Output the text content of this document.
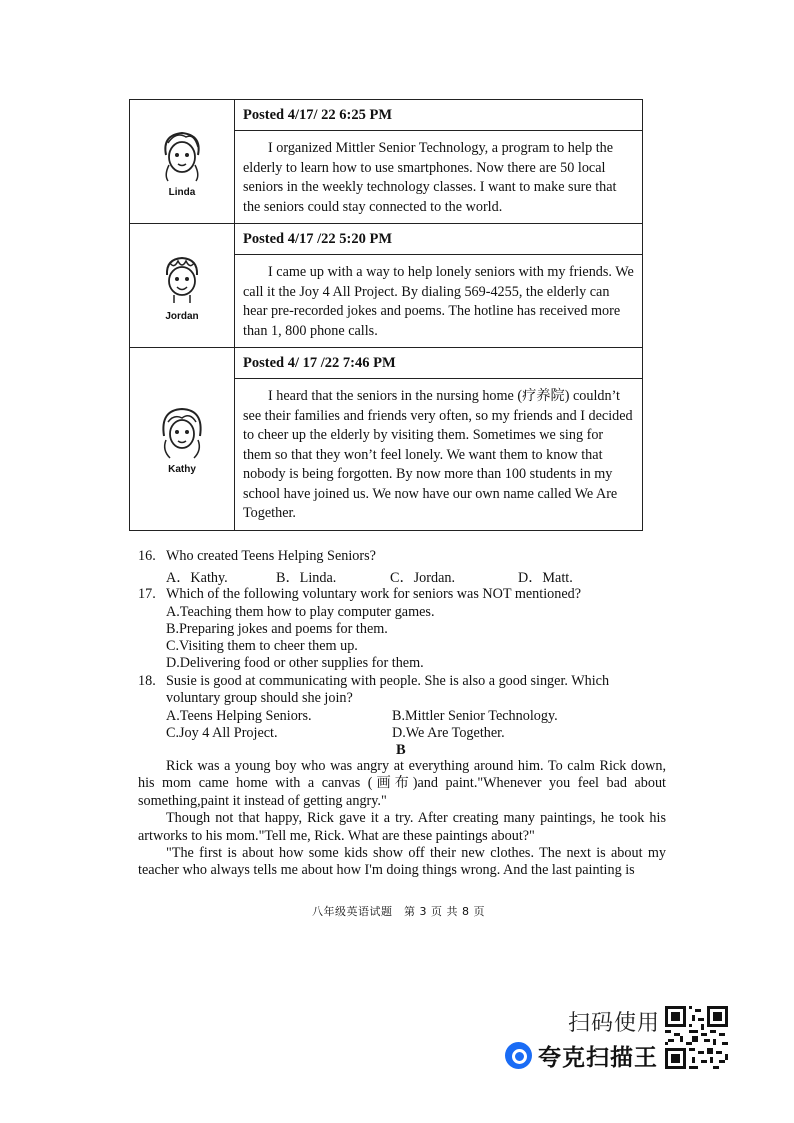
Linda	Posted 4/17/ 22 6:25 PM

	I organized Mittler Senior Technology, a program to help the elderly to learn how to use smartphones. Now there are 50 local seniors in the weekly technology classes. I want to make sure that the seniors could stay connected to the world.

Jordan	Posted 4/17 /22 5:20 PM

	I came up with a way to help lonely seniors with my friends. We call it the Joy 4 All Project. By dialing 569-4255, the elderly can hear pre-recorded jokes and poems. The hotline has received more than 1, 800 phone calls.

Kathy	Posted 4/ 17 /22 7:46 PM

	I heard that the seniors in the nursing home (疗养院) couldn’t see their families and friends very often, so my friends and I decided to cheer up the elderly by visiting them. Sometimes we sing for them so that they won’t feel lonely. We want them to know that nobody is being forgotten. By now more than 100 students in my school have joined us. We now have our own name called We Are Together.

16. Who created Teens Helping Seniors?
A．Kathy.	B．Linda.	C．Jordan.	D．Matt.
17. Which of the following voluntary work for seniors was NOT mentioned?
A.Teaching them how to play computer games.
B.Preparing jokes and poems for them.
C.Visiting them to cheer them up.
D.Delivering food or other supplies for them.
18. Susie is good at communicating with people. She is also a good singer. Which
voluntary group should she join?
A.Teens Helping Seniors.	B.Mittler Senior Technology.
C.Joy 4 All Project.	D.We Are Together.
B

Rick was a young boy who was angry at everything around him. To calm Rick down, his mom came home with a canvas (画布)and paint."Whenever you feel bad about something,paint it instead of getting angry."

Though not that happy, Rick gave it a try. After creating many paintings, he took his artworks to his mom."Tell me, Rick. What are these paintings about?"

"The first is about how some kids show off their new clothes. The next is about my teacher who always tells me about how I'm doing things wrong. And the last painting is

八年级英语试题　第 3 页 共 8 页
扫码使用
夸克扫描王
